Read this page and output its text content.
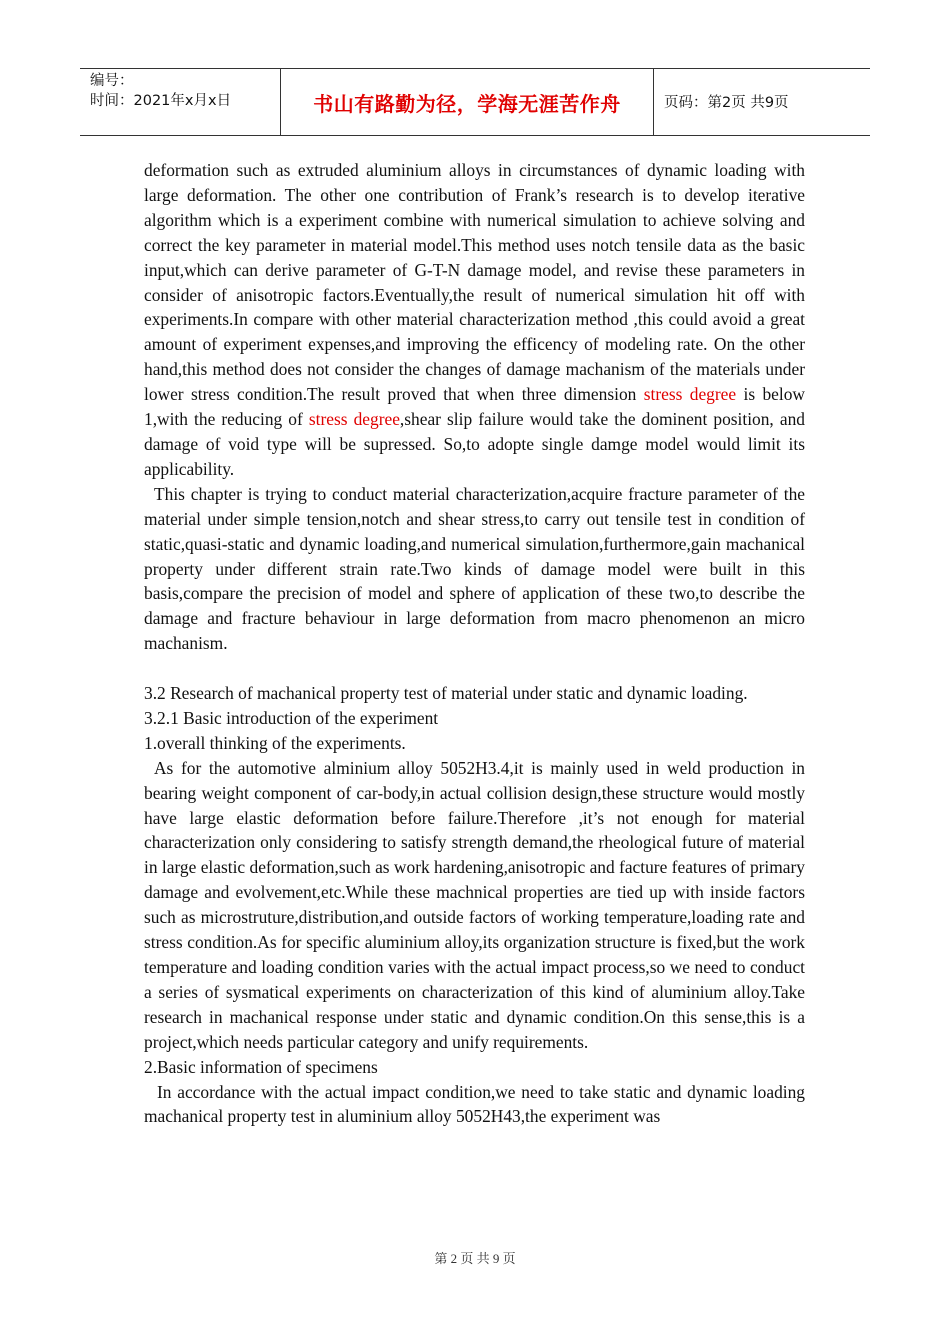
编号：
时间：2021年x月x日	书山有路勤为径，学海无涯苦作舟	页码：第2页 共9页

deformation such as extruded aluminium alloys in circumstances of dynamic loading with large deformation. The other one contribution of Frank’s research is to develop iterative algorithm which is a experiment combine with numerical simulation to achieve solving and correct the key parameter in material model.This method uses notch tensile data as the basic input,which can derive parameter of G-T-N damage model, and revise these parameters in consider of anisotropic factors.Eventually,the result of numerical simulation hit off with experiments.In compare with other material characterization method ,this could avoid a great amount of experiment expenses,and improving the efficency of modeling rate. On the other hand,this method does not consider the changes of damage machanism of the materials under lower stress condition.The result proved that when three dimension stress degree is below 1,with the reducing of stress degree,shear slip failure would take the dominent position, and damage of void type will be supressed. So,to adopte single damge model would limit its applicability.

This chapter is trying to conduct material characterization,acquire fracture parameter of the material under simple tension,notch and shear stress,to carry out tensile test in condition of static,quasi-static and dynamic loading,and numerical simulation,furthermore,gain machanical property under different strain rate.Two kinds of damage model were built in this basis,compare the precision of model and sphere of application of these two,to describe the damage and fracture behaviour in large deformation from macro phenomenon an micro machanism.

3.2 Research of machanical property test of material under static and dynamic loading.

3.2.1 Basic introduction of the experiment

1.overall thinking of the experiments.

As for the automotive alminium alloy 5052H3.4,it is mainly used in weld production in bearing weight component of car-body,in actual collision design,these structure would mostly have large elastic deformation before failure.Therefore ,it’s not enough for material characterization only considering to satisfy strength demand,the rheological future of material in large elastic deformation,such as work hardening,anisotropic and facture features of primary damage and evolvement,etc.While these machnical properties are tied up with inside factors such as microstruture,distribution,and outside factors of working temperature,loading rate and stress condition.As for specific aluminium alloy,its organization structure is fixed,but the work temperature and loading condition varies with the actual impact process,so we need to conduct a series of sysmatical experiments on characterization of this kind of aluminium alloy.Take research in machanical response under static and dynamic condition.On this sense,this is a project,which needs particular category and unify requirements.

2.Basic information of specimens

In accordance with the actual impact condition,we need to take static and dynamic loading machanical property test in aluminium alloy 5052H43,the experiment was

第 2 页 共 9 页
